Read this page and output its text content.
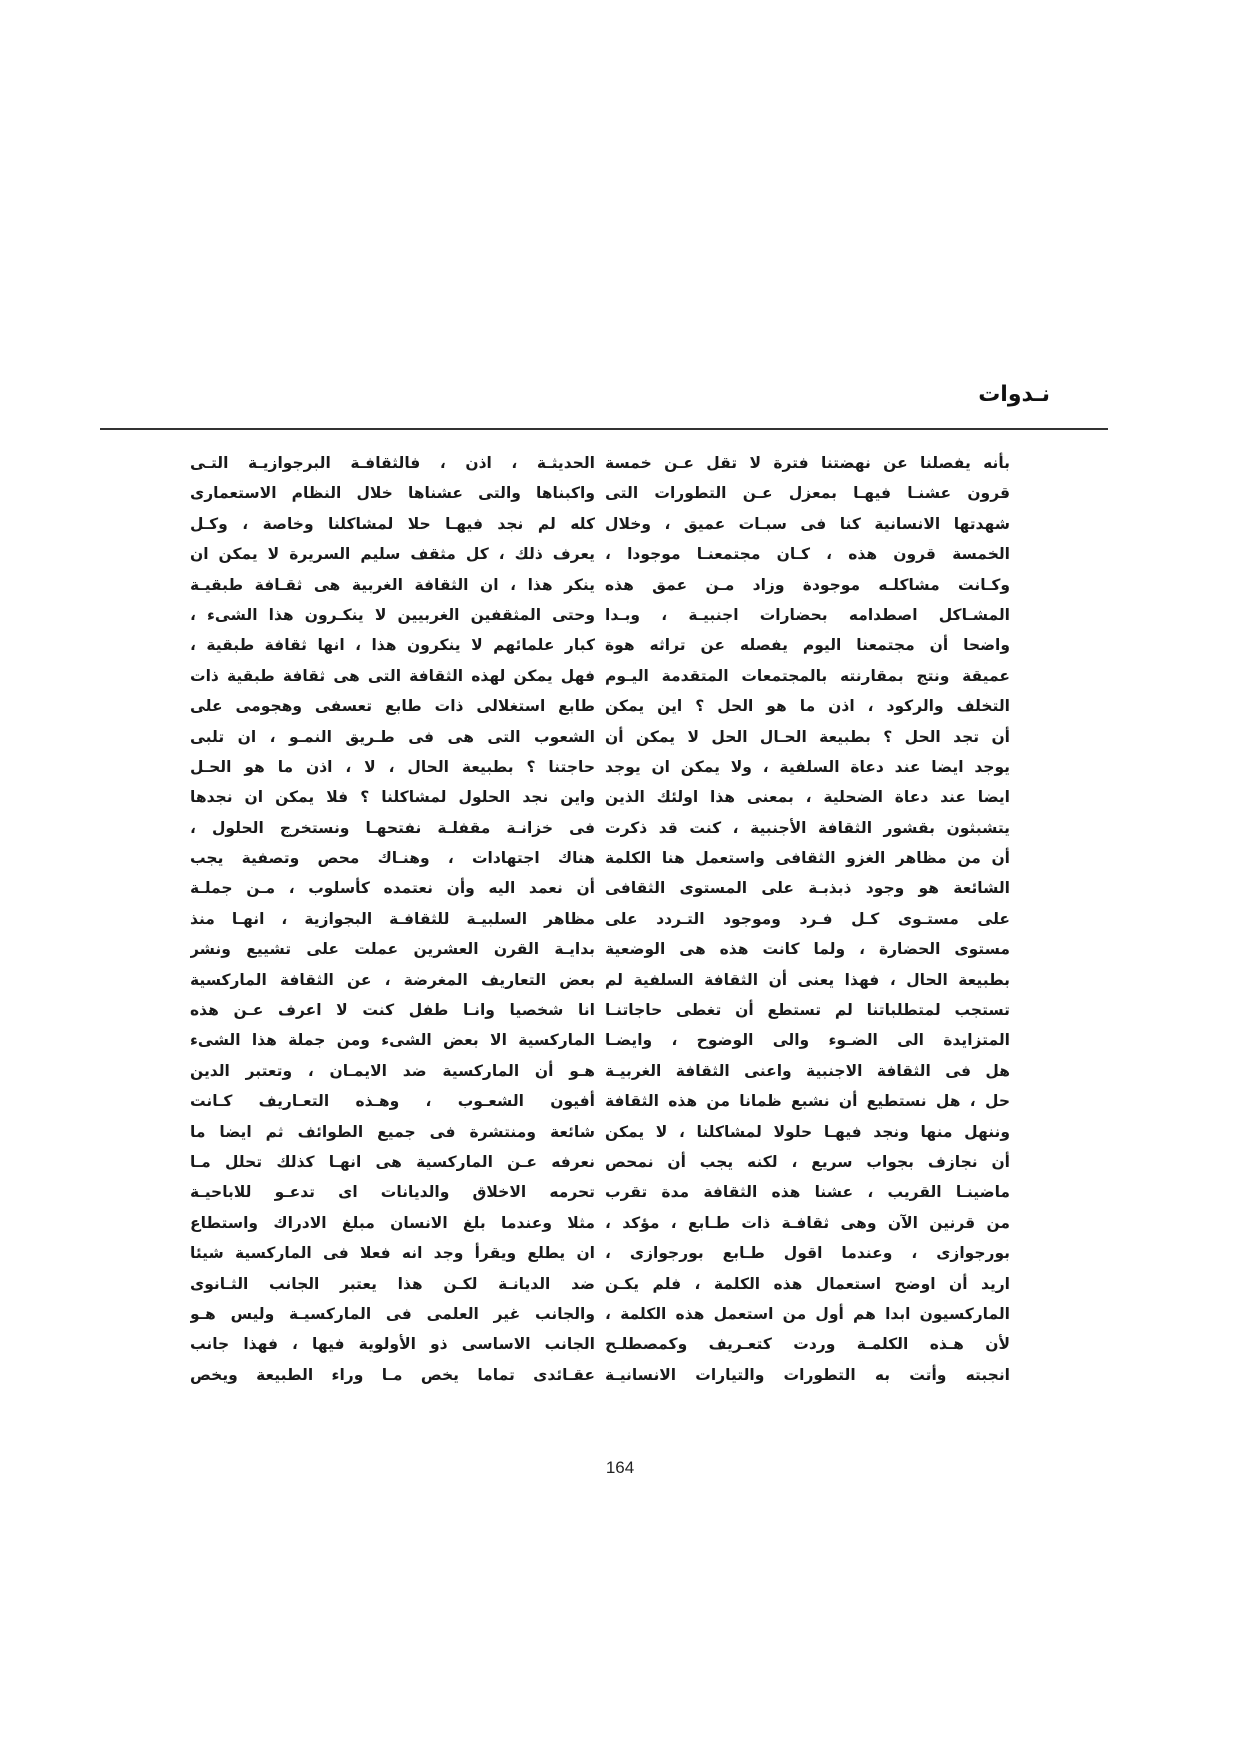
نـدوات
بأنه يفصلنا عن نهضتنا فترة لا تقل عـن خمسة
قرون عشنـا فيهـا بمعزل عـن التطورات التى
شهدتها الانسانية كنا فى سبـات عميق ، وخلال
الخمسة قرون هذه ، كـان مجتمعنـا موجودا ،
وكـانت مشاكلـه موجودة وزاد مـن عمق هذه
المشـاكل اصطدامه بحضارات اجنبيـة ، وبـدا
واضحا أن مجتمعنا اليوم يفصله عن تراثه هوة
عميقة ونتج بمقارنته بالمجتمعات المتقدمة اليـوم
التخلف والركود ، اذن ما هو الحل ؟ اين يمكن
أن تجد الحل ؟ بطبيعة الحـال الحل لا يمكن أن
يوجد ايضا عند دعاة السلفية ، ولا يمكن ان يوجد
ايضا عند دعاة الضحلية ، بمعنى هذا اولئك الذين
يتشبثون بقشور الثقافة الأجنبية ، كنت قد ذكرت
أن من مظاهر الغزو الثقافى واستعمل هنا الكلمة
الشائعة هو وجود ذبذبـة على المستوى الثقافى
على مستـوى كـل فـرد وموجود التـردد على
مستوى الحضارة ، ولما كانت هذه هى الوضعية
بطبيعة الحال ، فهذا يعنى أن الثقافة السلفية لم
تستجب لمتطلباتنا لم تستطع أن تغطى حاجاتنـا
المتزايدة الى الضـوء والى الوضوح ، وايضـا
هل فى الثقافة الاجنبية واعنى الثقافة الغربيـة
حل ، هل نستطيع أن نشبع ظمانا من هذه الثقافة
وننهل منها ونجد فيهـا حلولا لمشاكلنا ، لا يمكن
أن نجازف بجواب سريع ، لكنه يجب أن نمحص
ماضينـا القريب ، عشنا هذه الثقافة مدة تقرب
من قرنين الآن وهى ثقافـة ذات طـابع ، مؤكد ،
بورجوازى ، وعندما اقول طـابع بورجوازى ،
اريد أن اوضح استعمال هذه الكلمة ، فلم يكـن
الماركسيون ابدا هم أول من استعمل هذه الكلمة ،
لأن هـذه الكلمـة وردت كتعـريف وكمصطلـح
انجبته وأتت به التطورات والتيارات الانسانيـة
الحديثـة ، اذن ، فالثقافـة البرجوازيـة التـى
واكبناها والتى عشناها خلال النظام الاستعمارى
كله لم نجد فيهـا حلا لمشاكلنا وخاصة ، وكـل
يعرف ذلك ، كل مثقف سليم السريرة لا يمكن ان
ينكر هذا ، ان الثقافة الغربية هى ثقـافة طبقيـة
وحتى المثقفين الغربيين لا ينكـرون هذا الشىء ،
كبار علمائهم لا ينكرون هذا ، انها ثقافة طبقية ،
فهل يمكن لهذه الثقافة التى هى ثقافة طبقية ذات
طابع استغلالى ذات طابع تعسفى وهجومى على
الشعوب التى هى فى طـريق النمـو ، ان تلبى
حاجتنا ؟ بطبيعة الحال ، لا ، اذن ما هو الحـل
واين نجد الحلول لمشاكلنا ؟ فلا يمكن ان نجدها
فى خزانـة مقفلـة نفتحهـا ونستخرج الحلول ،
هناك اجتهادات ، وهنـاك محص وتصفية يجب
أن نعمد اليه وأن نعتمده كأسلوب ، مـن جملـة
مظاهر السلبيـة للثقافـة البجوازية ، انهـا منذ
بدايـة القرن العشرين عملت على تشييع ونشر
بعض التعاريف المغرضة ، عن الثقافة الماركسية
انا شخصيا وانـا طفل كنت لا اعرف عـن هذه
الماركسية الا بعض الشىء ومن جملة هذا الشىء
هـو أن الماركسية ضد الايمـان ، وتعتبر الدين
أفيون الشعـوب ، وهـذه التعـاريف كـانت
شائعة ومنتشرة فى جميع الطوائف ثم ايضا ما
نعرفه عـن الماركسية هى انهـا كذلك تحلل مـا
تحرمه الاخلاق والديانات اى تدعـو للاباحيـة
مثلا وعندما بلغ الانسان مبلغ الادراك واستطاع
ان يطلع ويقرأ وجد انه فعلا فى الماركسية شيئا
ضد الديانـة لكـن هذا يعتبر الجانب الثـانوى
والجانب غير العلمى فى الماركسيـة وليس هـو
الجانب الاساسى ذو الأولوية فيها ، فهذا جانب
عقـائدى تماما يخص مـا وراء الطبيعة ويخص
164
